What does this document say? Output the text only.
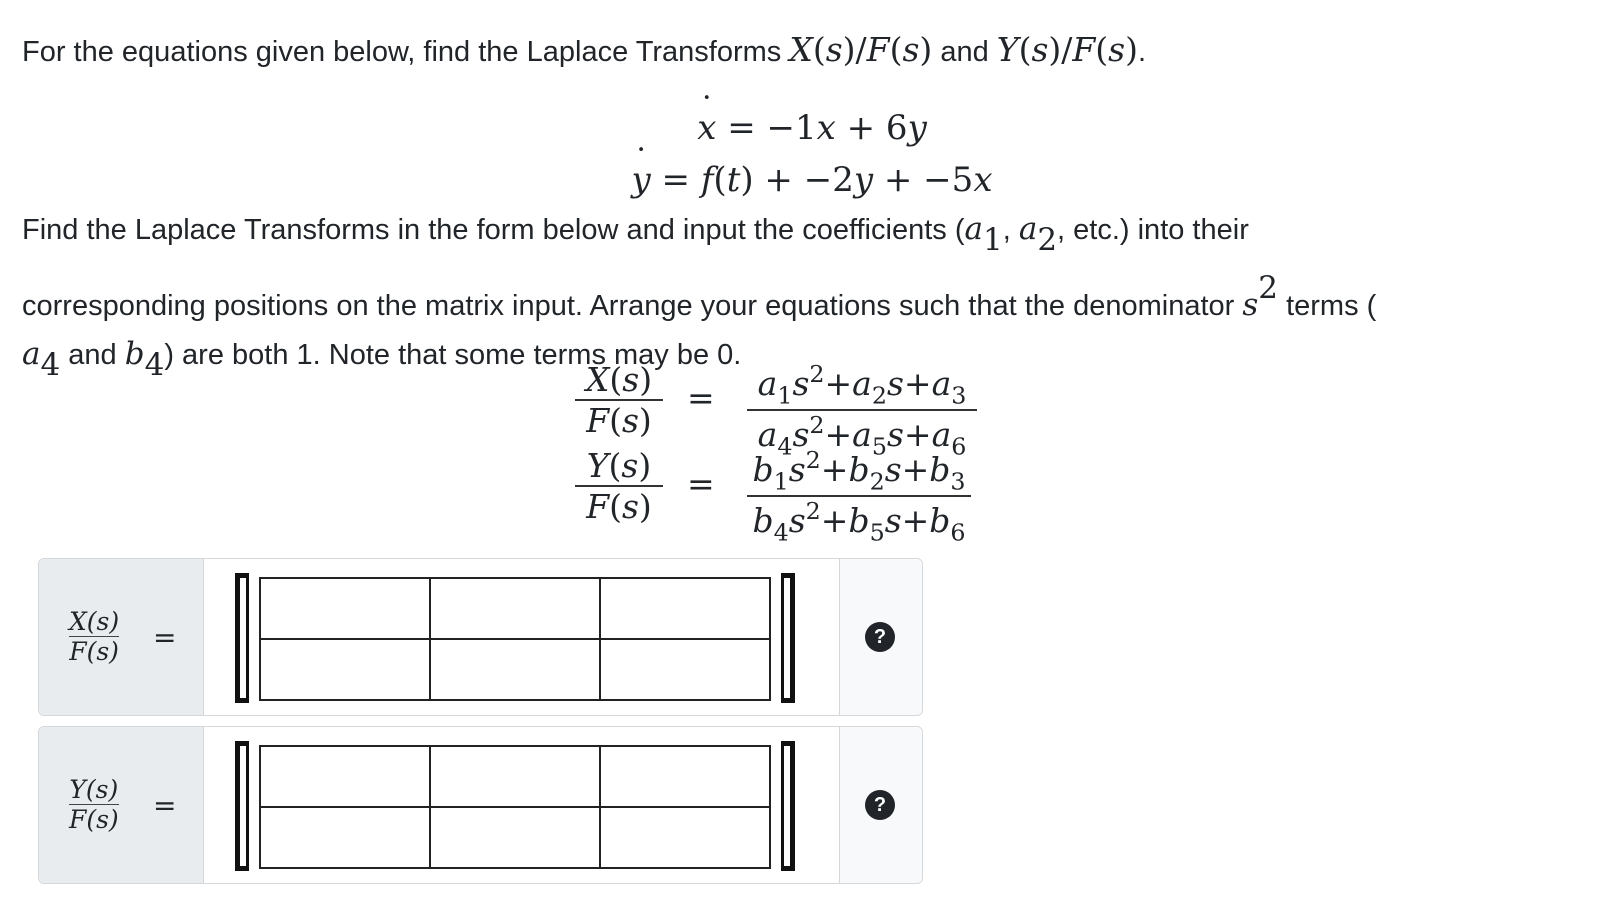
For the equations given below, find the Laplace Transforms X(s)/F(s) and Y(s)/F(s).
x ˙ = −1x + 6y
y ˙ = f(t) + −2y + −5x
Find the Laplace Transforms in the form below and input the coefficients (a1, a2, etc.) into their
corresponding positions on the matrix input. Arrange your equations such that the denominator s2 terms (
a4 and b4) are both 1. Note that some terms may be 0.
$\frac{X(s)}{F(s)} = \frac{a_1s^2+a_2s+a_3}{a_4s^2+a_5s+a_6}$
$\frac{Y(s)}{F(s)} = \frac{b_1s^2+b_2s+b_3}{b_4s^2+b_5s+b_6}$
$\frac{X(s)}{F(s)}$ =

			?
$\frac{Y(s)}{F(s)}$ =

			?
